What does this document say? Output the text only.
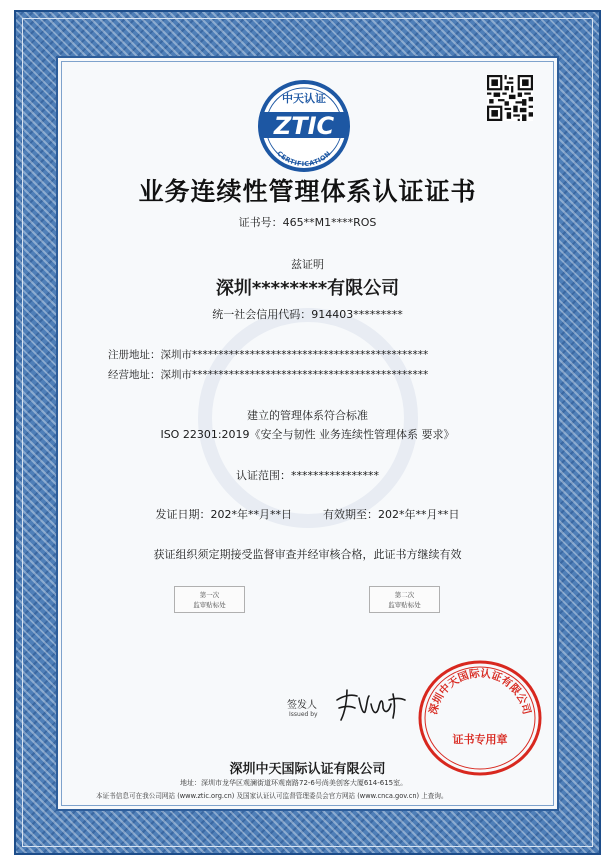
中天认证
ZTIC
CERTIFICATION
业务连续性管理体系认证证书
证书号：465**M1****ROS
兹证明
深圳********有限公司
统一社会信用代码：914403*********
注册地址：深圳市*********************************************
经营地址：深圳市*********************************************
建立的管理体系符合标准
ISO 22301:2019《安全与韧性 业务连续性管理体系 要求》
认证范围：****************
发证日期：202*年**月**日	有效期至：202*年**月**日
获证组织须定期接受监督审查并经审核合格，此证书方继续有效
第一次
监审贴标处
第二次
监审贴标处
签发人
Issued by	深圳中天国际认证有限公司
证书专用章
深圳中天国际认证有限公司
地址：深圳市龙华区观澜街道环观南路72-6号尚美创客大厦614-615室。
本证书信息可在我公司网站 (www.ztic.org.cn) 及国家认证认可监督管理委员会官方网站 (www.cnca.gov.cn) 上查询。
